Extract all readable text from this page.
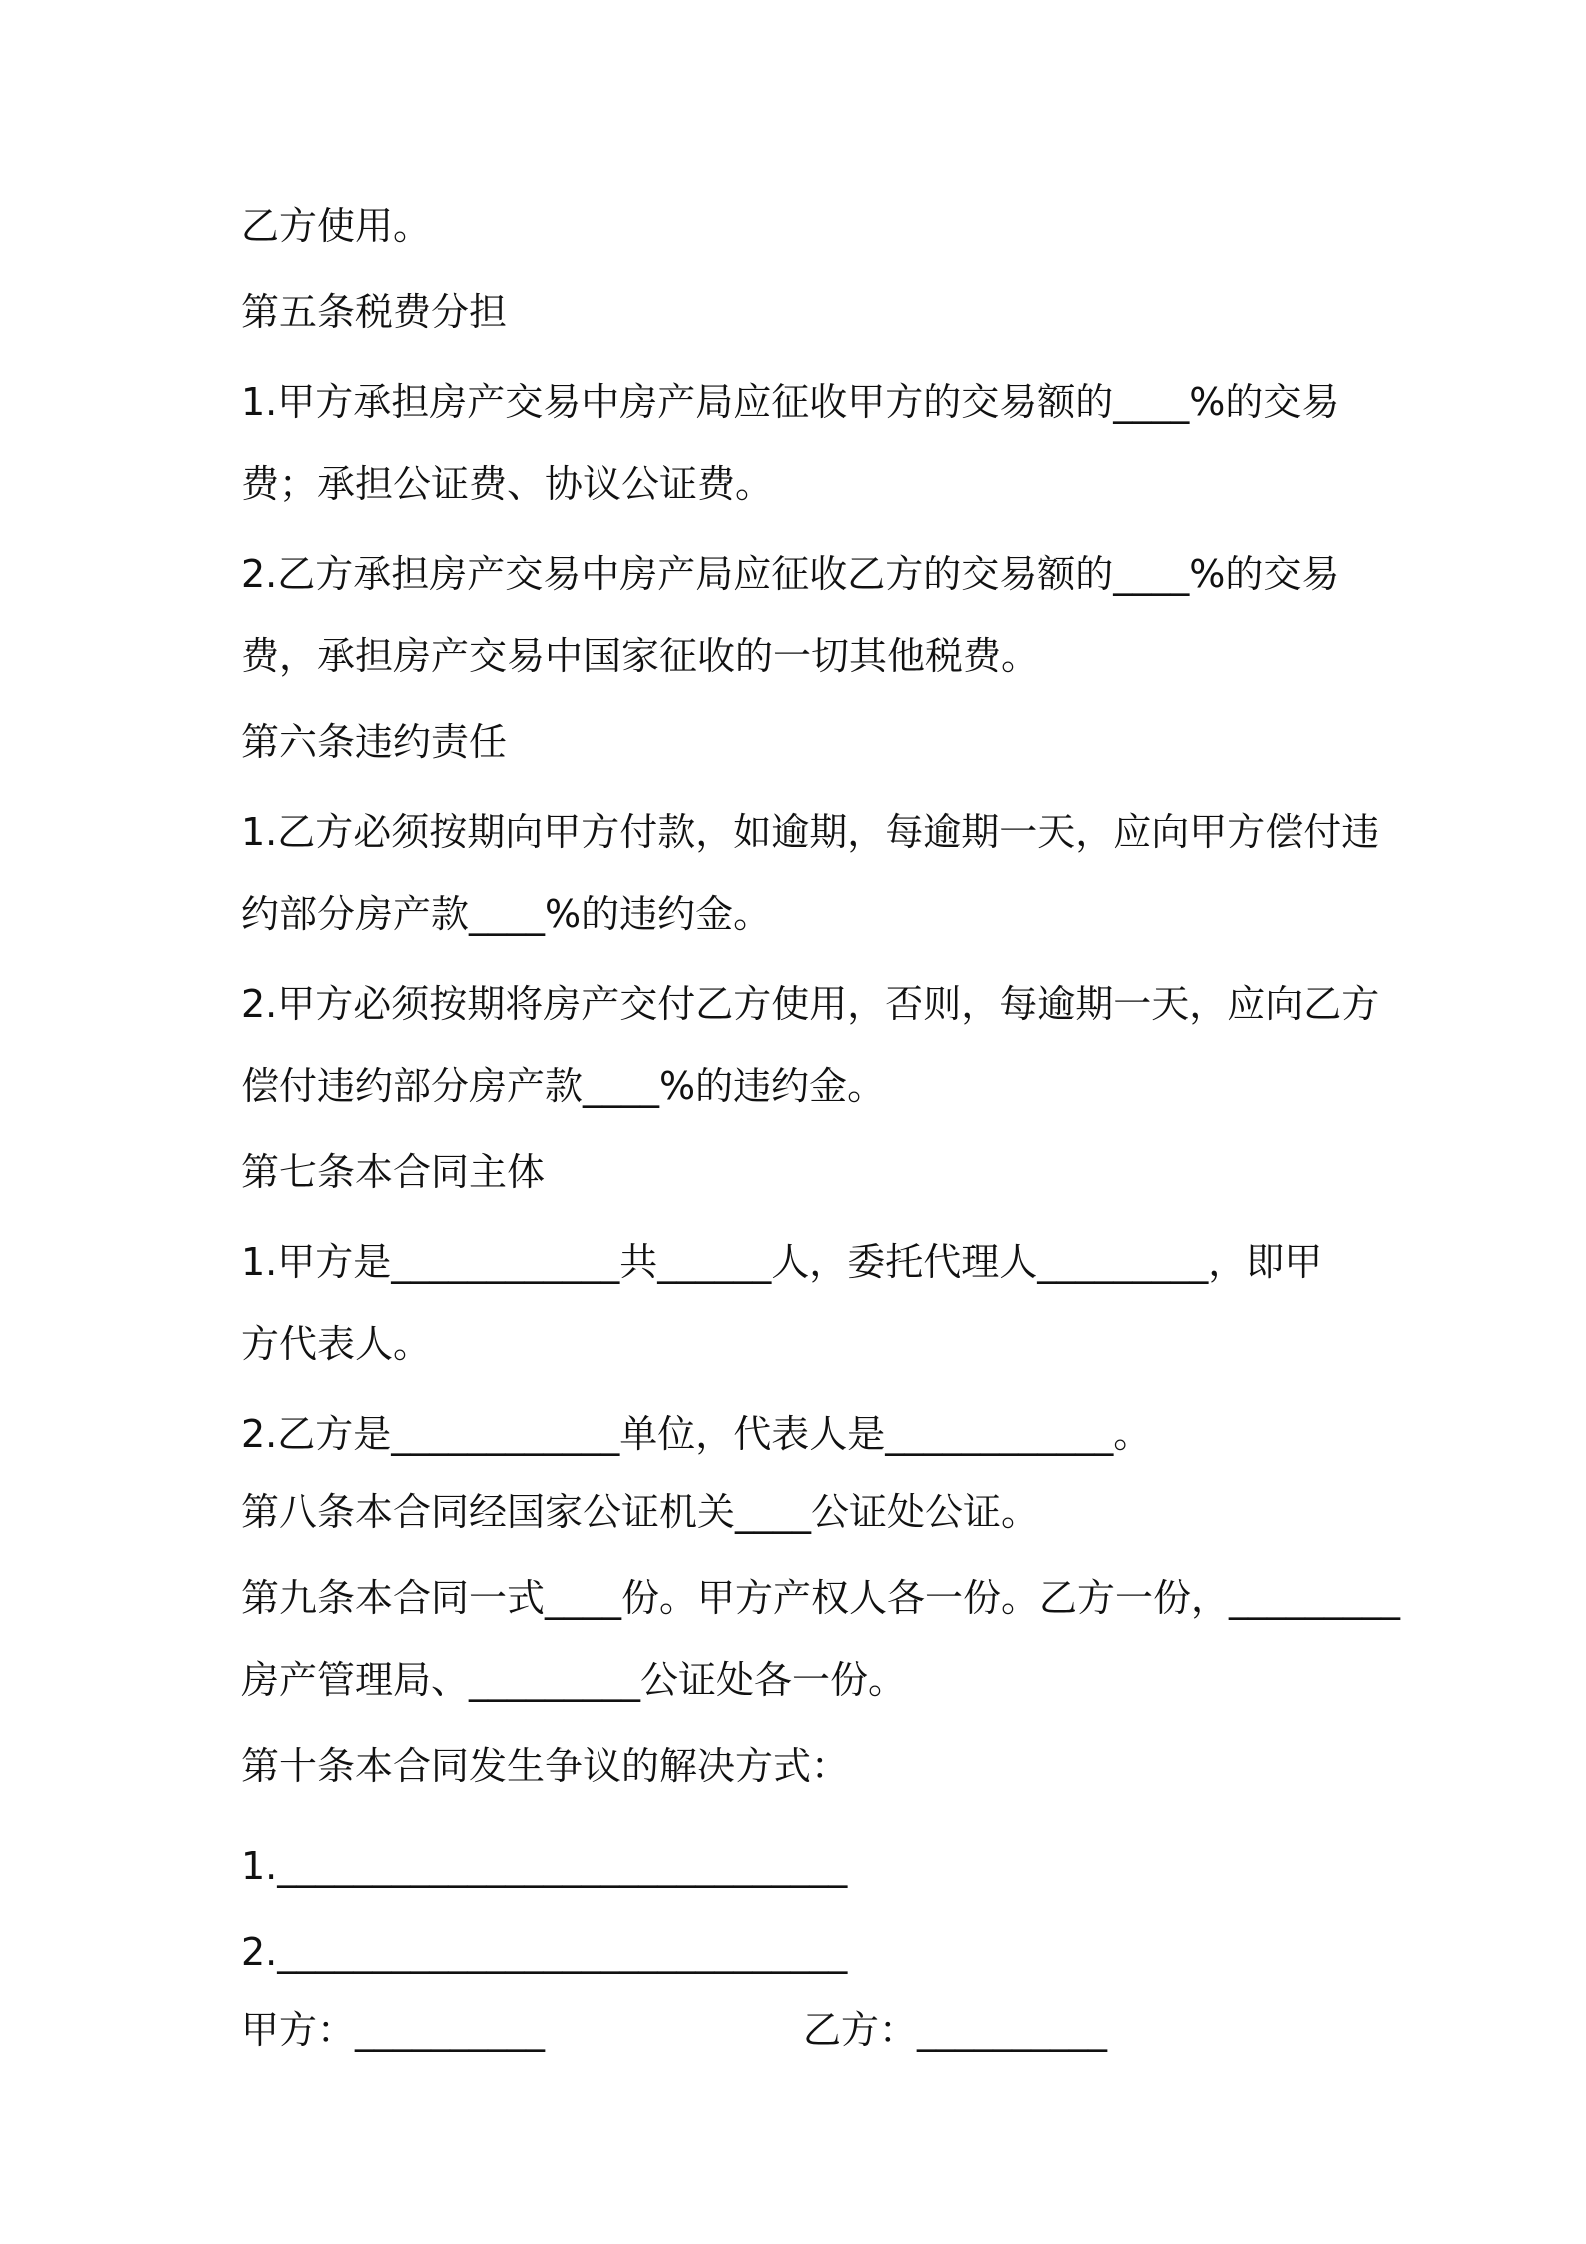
乙方使用。
第五条税费分担
1.甲方承担房产交易中房产局应征收甲方的交易额的____%的交易
费；承担公证费、协议公证费。
2.乙方承担房产交易中房产局应征收乙方的交易额的____%的交易
费，承担房产交易中国家征收的一切其他税费。
第六条违约责任
1.乙方必须按期向甲方付款，如逾期，每逾期一天，应向甲方偿付违
约部分房产款____%的违约金。
2.甲方必须按期将房产交付乙方使用，否则，每逾期一天，应向乙方
偿付违约部分房产款____%的违约金。
第七条本合同主体
1.甲方是____________共______人，委托代理人_________，即甲
方代表人。
2.乙方是____________单位，代表人是____________。
第八条本合同经国家公证机关____公证处公证。
第九条本合同一式____份。甲方产权人各一份。乙方一份，_________
房产管理局、_________公证处各一份。
第十条本合同发生争议的解决方式：
1.______________________________
2.______________________________
甲方：__________	乙方：__________
